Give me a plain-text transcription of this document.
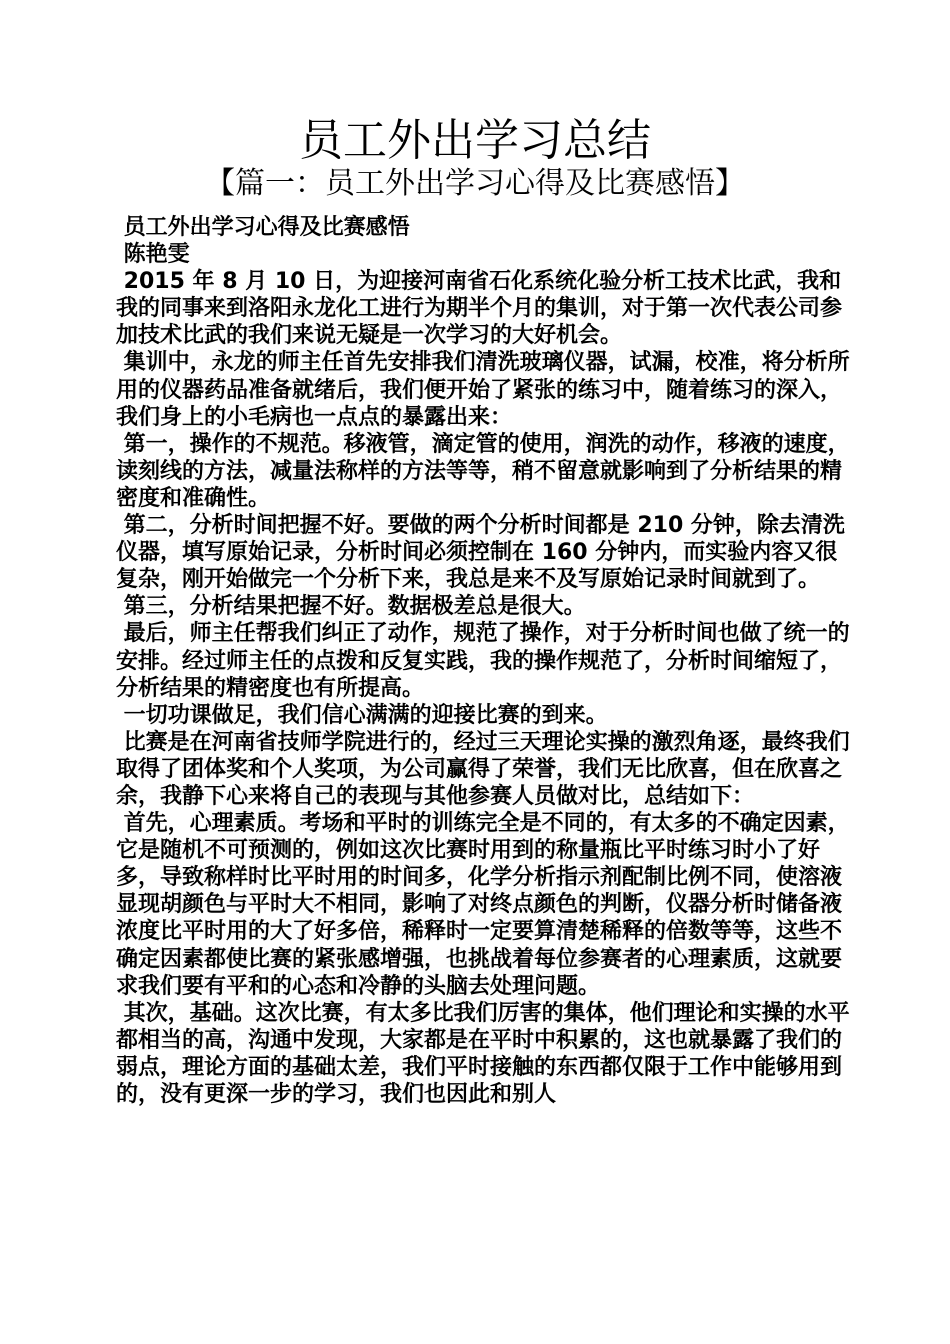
员工外出学习总结
【篇一：员工外出学习心得及比赛感悟】

员工外出学习心得及比赛感悟

陈艳雯

2015 年 8 月 10 日，为迎接河南省石化系统化验分析工技术比武，我和我的同事来到洛阳永龙化工进行为期半个月的集训，对于第一次代表公司参加技术比武的我们来说无疑是一次学习的大好机会。

集训中，永龙的师主任首先安排我们清洗玻璃仪器，试漏，校准，将分析所用的仪器药品准备就绪后，我们便开始了紧张的练习中，随着练习的深入，我们身上的小毛病也一点点的暴露出来：

第一，操作的不规范。移液管，滴定管的使用，润洗的动作，移液的速度，读刻线的方法，减量法称样的方法等等，稍不留意就影响到了分析结果的精密度和准确性。

第二，分析时间把握不好。要做的两个分析时间都是 210 分钟，除去清洗仪器，填写原始记录，分析时间必须控制在 160 分钟内，而实验内容又很复杂，刚开始做完一个分析下来，我总是来不及写原始记录时间就到了。

第三，分析结果把握不好。数据极差总是很大。

最后，师主任帮我们纠正了动作，规范了操作，对于分析时间也做了统一的安排。经过师主任的点拨和反复实践，我的操作规范了，分析时间缩短了，分析结果的精密度也有所提高。

一切功课做足，我们信心满满的迎接比赛的到来。

比赛是在河南省技师学院进行的，经过三天理论实操的激烈角逐，最终我们取得了团体奖和个人奖项，为公司赢得了荣誉，我们无比欣喜，但在欣喜之余，我静下心来将自己的表现与其他参赛人员做对比，总结如下：

首先，心理素质。考场和平时的训练完全是不同的，有太多的不确定因素，它是随机不可预测的，例如这次比赛时用到的称量瓶比平时练习时小了好多，导致称样时比平时用的时间多，化学分析指示剂配制比例不同，使溶液显现胡颜色与平时大不相同，影响了对终点颜色的判断，仪器分析时储备液浓度比平时用的大了好多倍，稀释时一定要算清楚稀释的倍数等等，这些不确定因素都使比赛的紧张感增强，也挑战着每位参赛者的心理素质，这就要求我们要有平和的心态和冷静的头脑去处理问题。

其次，基础。这次比赛，有太多比我们厉害的集体，他们理论和实操的水平都相当的高，沟通中发现，大家都是在平时中积累的，这也就暴露了我们的弱点，理论方面的基础太差，我们平时接触的东西都仅限于工作中能够用到的，没有更深一步的学习，我们也因此和别人
